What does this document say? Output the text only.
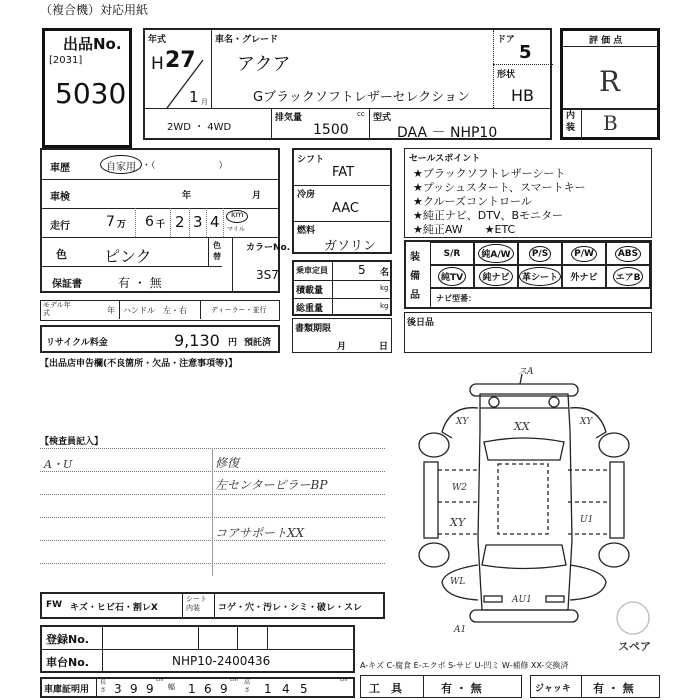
（複合機）対応用紙
出品No.
[2031]
5030
年式
H 27
1 月
車名・グレード
アクア
Gブラックソフトレザーセレクション
ドア
5
形状
HB
2WD ・ 4WD
排気量	cc
1500
型式
DAA － NHP10
評 価 点
R
内装 B
車歴	自家用 ・（　　　　　　　）
車検	年	月
走行	7 万 6 千 2 3 4 km
マイル
色 ピンク
色替
カラーNo.
3S7
保証書	有 ・ 無
モデル年式	年 ハンドル　左・右	ディーラー・並行
リサイクル料金	9,130 円 預託済
【出品店申告欄(不良箇所・欠品・注意事項等)】
シフト
FAT
冷房
AAC
燃料
ガソリン
乗車定員	5 名
積載量	kg
総重量	kg
書類期限
月	日
セールスポイント
★ブラックソフトレザーシート
★プッシュスタート、スマートキー
★クルーズコントロール
★純正ナビ、DTV、Bモニター
★純正AW　　★ETC
装備品
S/R	純A/W	P/S	P/W	ABS
純TV	純ナビ	革シート	外ナビ	エアB
ナビ型番：
後日品
【検査員記入】
A・U	修復
左センターピラーBP
コアサポートXX
FW キズ・ヒビ石・割レX
シート内装	コゲ・穴・汚レ・シミ・破レ・スレ
登録No.
車台No.	NHP10-2400436
車庫証明用
長さ 3 9 9
cm
幅 1 6 9
cm 高さ 1 4 5
cm
A-キズ C-腐食 E-エクボ S-サビ U-凹ミ W-補修 XX-交換済
工　具	有 ・ 無	ジャッキ 有 ・ 無
スA
XY	XY
XX
W2
XY	U1
WL
AU1
A1
スペア
